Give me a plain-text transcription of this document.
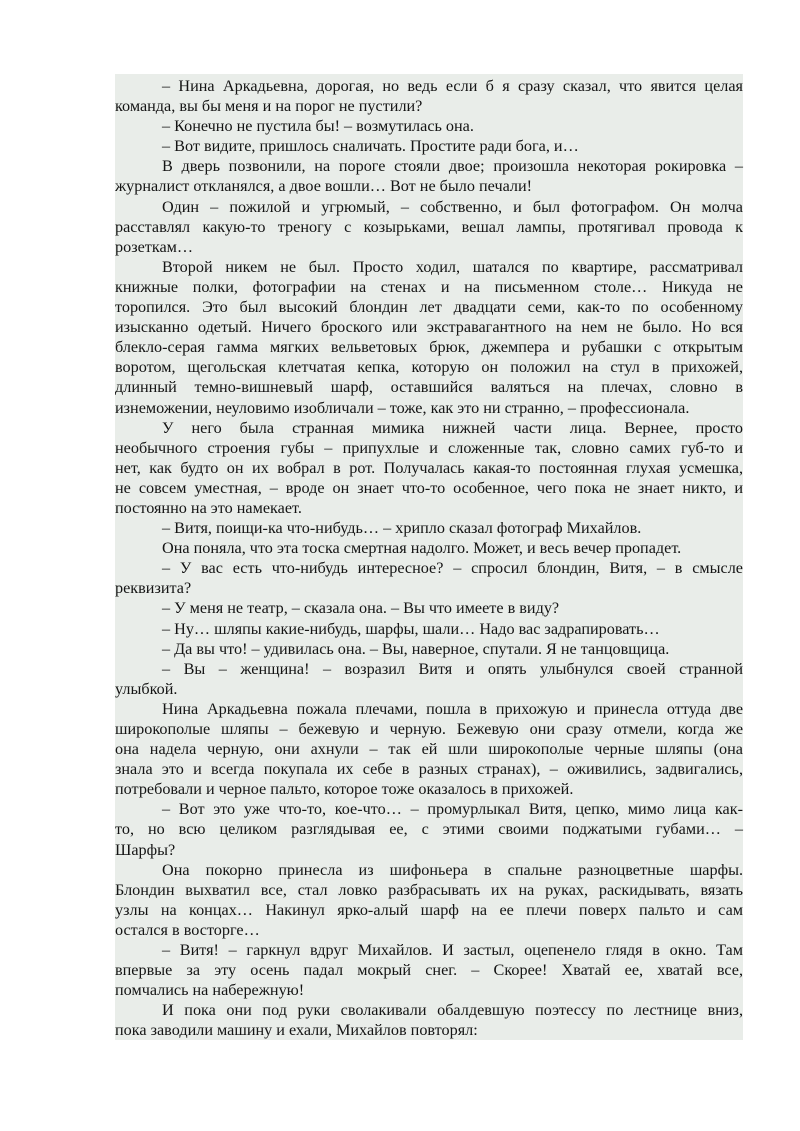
– Нина Аркадьевна, дорогая, но ведь если б я сразу сказал, что явится целая
команда, вы бы меня и на порог не пустили?
– Конечно не пустила бы! – возмутилась она.
– Вот видите, пришлось сналичать. Простите ради бога, и…
В дверь позвонили, на пороге стояли двое; произошла некоторая рокировка –
журналист откланялся, а двое вошли… Вот не было печали!
Один – пожилой и угрюмый, – собственно, и был фотографом. Он молча
расставлял какую-то треногу с козырьками, вешал лампы, протягивал провода к
розеткам…
Второй никем не был. Просто ходил, шатался по квартире, рассматривал
книжные полки, фотографии на стенах и на письменном столе… Никуда не
торопился. Это был высокий блондин лет двадцати семи, как-то по особенному
изысканно одетый. Ничего броского или экстравагантного на нем не было. Но вся
блекло-серая гамма мягких вельветовых брюк, джемпера и рубашки с открытым
воротом, щегольская клетчатая кепка, которую он положил на стул в прихожей,
длинный темно-вишневый шарф, оставшийся валяться на плечах, словно в
изнеможении, неуловимо изобличали – тоже, как это ни странно, – профессионала.
У него была странная мимика нижней части лица. Вернее, просто
необычного строения губы – припухлые и сложенные так, словно самих губ-то и
нет, как будто он их вобрал в рот. Получалась какая-то постоянная глухая усмешка,
не совсем уместная, – вроде он знает что-то особенное, чего пока не знает никто, и
постоянно на это намекает.
– Витя, поищи-ка что-нибудь… – хрипло сказал фотограф Михайлов.
Она поняла, что эта тоска смертная надолго. Может, и весь вечер пропадет.
– У вас есть что-нибудь интересное? – спросил блондин, Витя, – в смысле
реквизита?
– У меня не театр, – сказала она. – Вы что имеете в виду?
– Ну… шляпы какие-нибудь, шарфы, шали… Надо вас задрапировать…
– Да вы что! – удивилась она. – Вы, наверное, спутали. Я не танцовщица.
– Вы – женщина! – возразил Витя и опять улыбнулся своей странной
улыбкой.
Нина Аркадьевна пожала плечами, пошла в прихожую и принесла оттуда две
широкополые шляпы – бежевую и черную. Бежевую они сразу отмели, когда же
она надела черную, они ахнули – так ей шли широкополые черные шляпы (она
знала это и всегда покупала их себе в разных странах), – оживились, задвигались,
потребовали и черное пальто, которое тоже оказалось в прихожей.
– Вот это уже что-то, кое-что… – промурлыкал Витя, цепко, мимо лица как-
то, но всю целиком разглядывая ее, с этими своими поджатыми губами… –
Шарфы?
Она покорно принесла из шифоньера в спальне разноцветные шарфы.
Блондин выхватил все, стал ловко разбрасывать их на руках, раскидывать, вязать
узлы на концах… Накинул ярко-алый шарф на ее плечи поверх пальто и сам
остался в восторге…
– Витя! – гаркнул вдруг Михайлов. И застыл, оцепенело глядя в окно. Там
впервые за эту осень падал мокрый снег. – Скорее! Хватай ее, хватай все,
помчались на набережную!
И пока они под руки сволакивали обалдевшую поэтессу по лестнице вниз,
пока заводили машину и ехали, Михайлов повторял:
